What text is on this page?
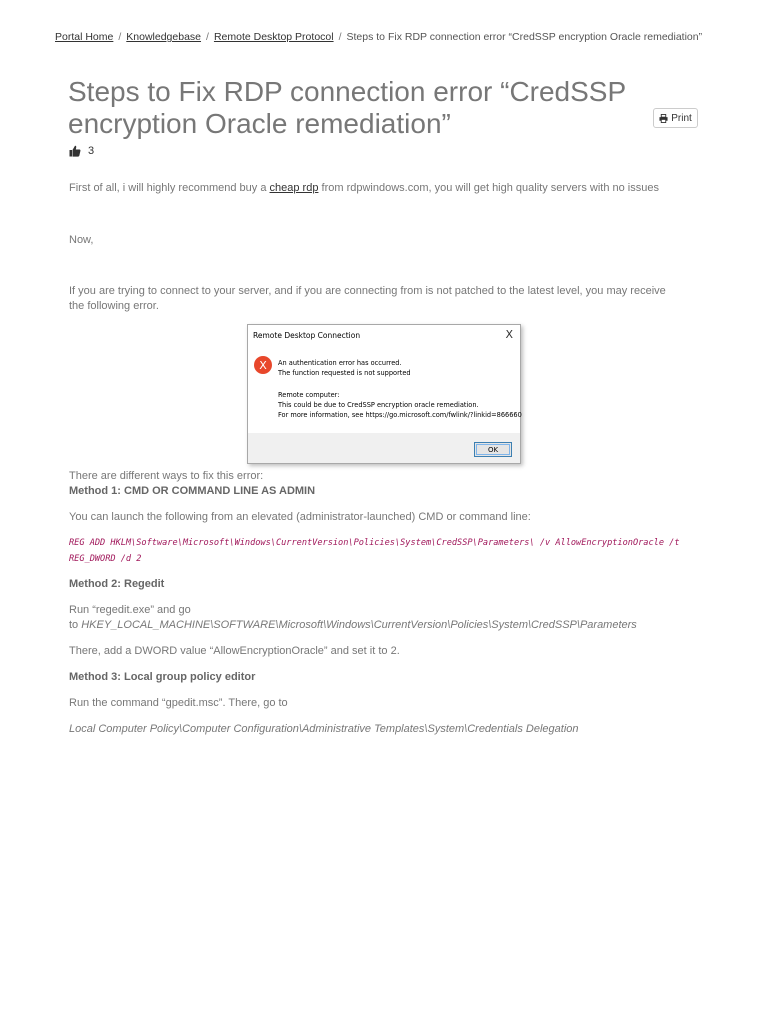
Portal Home / Knowledgebase / Remote Desktop Protocol / Steps to Fix RDP connection error “CredSSP encryption Oracle remediation”
Steps to Fix RDP connection error “CredSSP
encryption Oracle remediation”	Print
3

First of all, i will highly recommend buy a cheap rdp from rdpwindows.com, you will get high quality servers with no issues

Now,

If you are trying to connect to your server, and if you are connecting from is not patched to the latest level, you may receive
the following error.

Remote Desktop Connection	X
X	An authentication error has occurred.
The function requested is not supported
Remote computer:
This could be due to CredSSP encryption oracle remediation.
For more information, see https://go.microsoft.com/fwlink/?linkid=866660
OK

There are different ways to fix this error:
Method 1: CMD OR COMMAND LINE AS ADMIN

You can launch the following from an elevated (administrator-launched) CMD or command line:

REG ADD HKLM\Software\Microsoft\Windows\CurrentVersion\Policies\System\CredSSP\Parameters\ /v AllowEncryptionOracle /t
REG_DWORD /d 2

Method 2: Regedit

Run “regedit.exe” and go
to HKEY_LOCAL_MACHINE\SOFTWARE\Microsoft\Windows\CurrentVersion\Policies\System\CredSSP\Parameters

There, add a DWORD value “AllowEncryptionOracle” and set it to 2.

Method 3: Local group policy editor

Run the command “gpedit.msc”. There, go to

Local Computer Policy\Computer Configuration\Administrative Templates\System\Credentials Delegation
